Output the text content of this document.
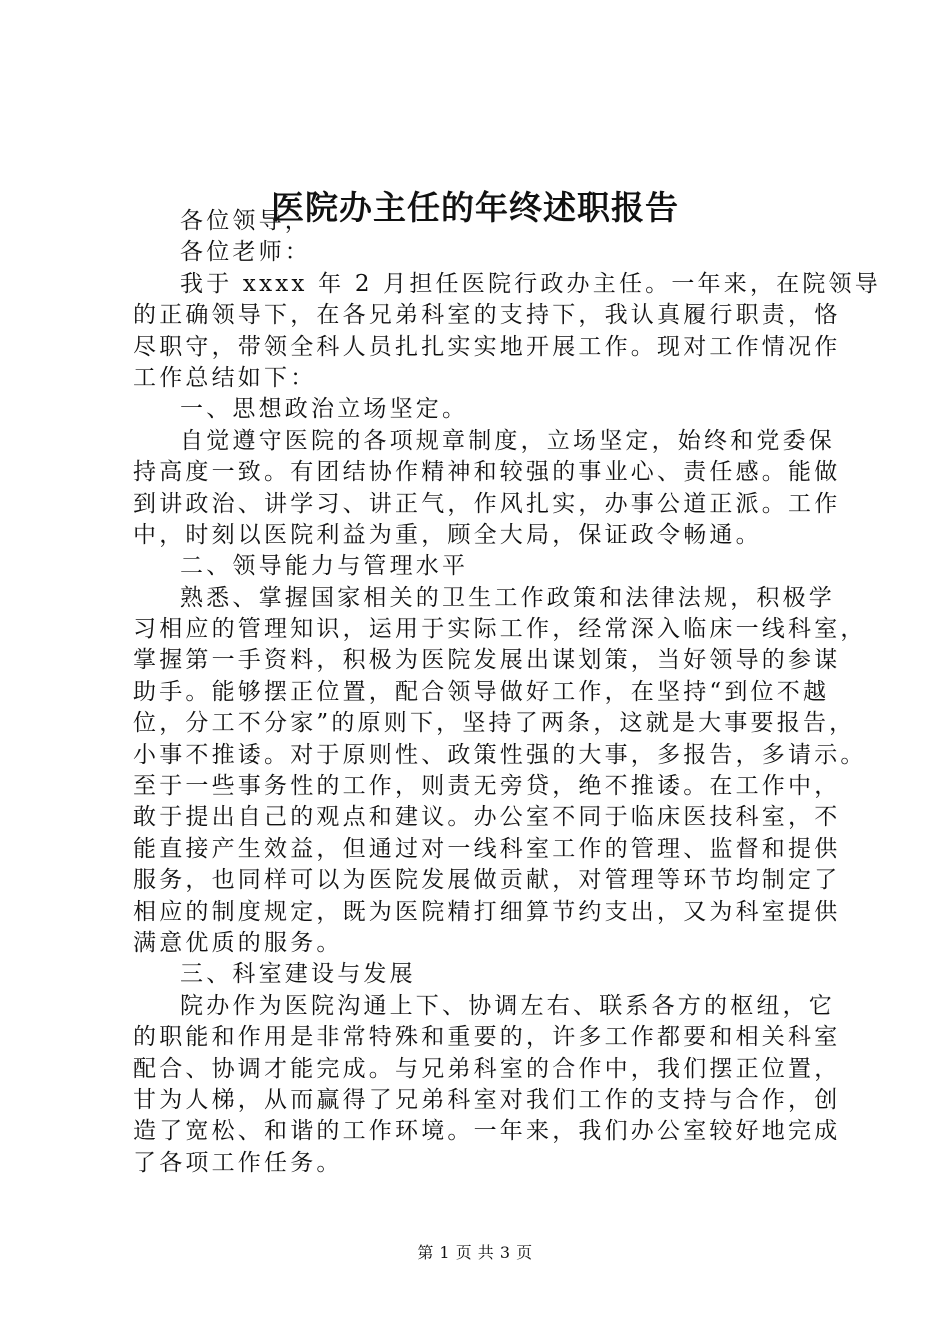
医院办主任的年终述职报告
各位领导，
各位老师：
我于 xxxx 年 2 月担任医院行政办主任。一年来，在院领导
的正确领导下，在各兄弟科室的支持下，我认真履行职责，恪
尽职守，带领全科人员扎扎实实地开展工作。现对工作情况作
工作总结如下：
一、思想政治立场坚定。
自觉遵守医院的各项规章制度，立场坚定，始终和党委保
持高度一致。有团结协作精神和较强的事业心、责任感。能做
到讲政治、讲学习、讲正气，作风扎实，办事公道正派。工作
中，时刻以医院利益为重，顾全大局，保证政令畅通。
二、领导能力与管理水平
熟悉、掌握国家相关的卫生工作政策和法律法规，积极学
习相应的管理知识，运用于实际工作，经常深入临床一线科室，
掌握第一手资料，积极为医院发展出谋划策，当好领导的参谋
助手。能够摆正位置，配合领导做好工作，在坚持“到位不越
位，分工不分家”的原则下，坚持了两条，这就是大事要报告，
小事不推诿。对于原则性、政策性强的大事，多报告，多请示。
至于一些事务性的工作，则责无旁贷，绝不推诿。在工作中，
敢于提出自己的观点和建议。办公室不同于临床医技科室，不
能直接产生效益，但通过对一线科室工作的管理、监督和提供
服务，也同样可以为医院发展做贡献，对管理等环节均制定了
相应的制度规定，既为医院精打细算节约支出，又为科室提供
满意优质的服务。
三、科室建设与发展
院办作为医院沟通上下、协调左右、联系各方的枢纽，它
的职能和作用是非常特殊和重要的，许多工作都要和相关科室
配合、协调才能完成。与兄弟科室的合作中，我们摆正位置，
甘为人梯，从而赢得了兄弟科室对我们工作的支持与合作，创
造了宽松、和谐的工作环境。一年来，我们办公室较好地完成
了各项工作任务。
第 1 页 共 3 页
